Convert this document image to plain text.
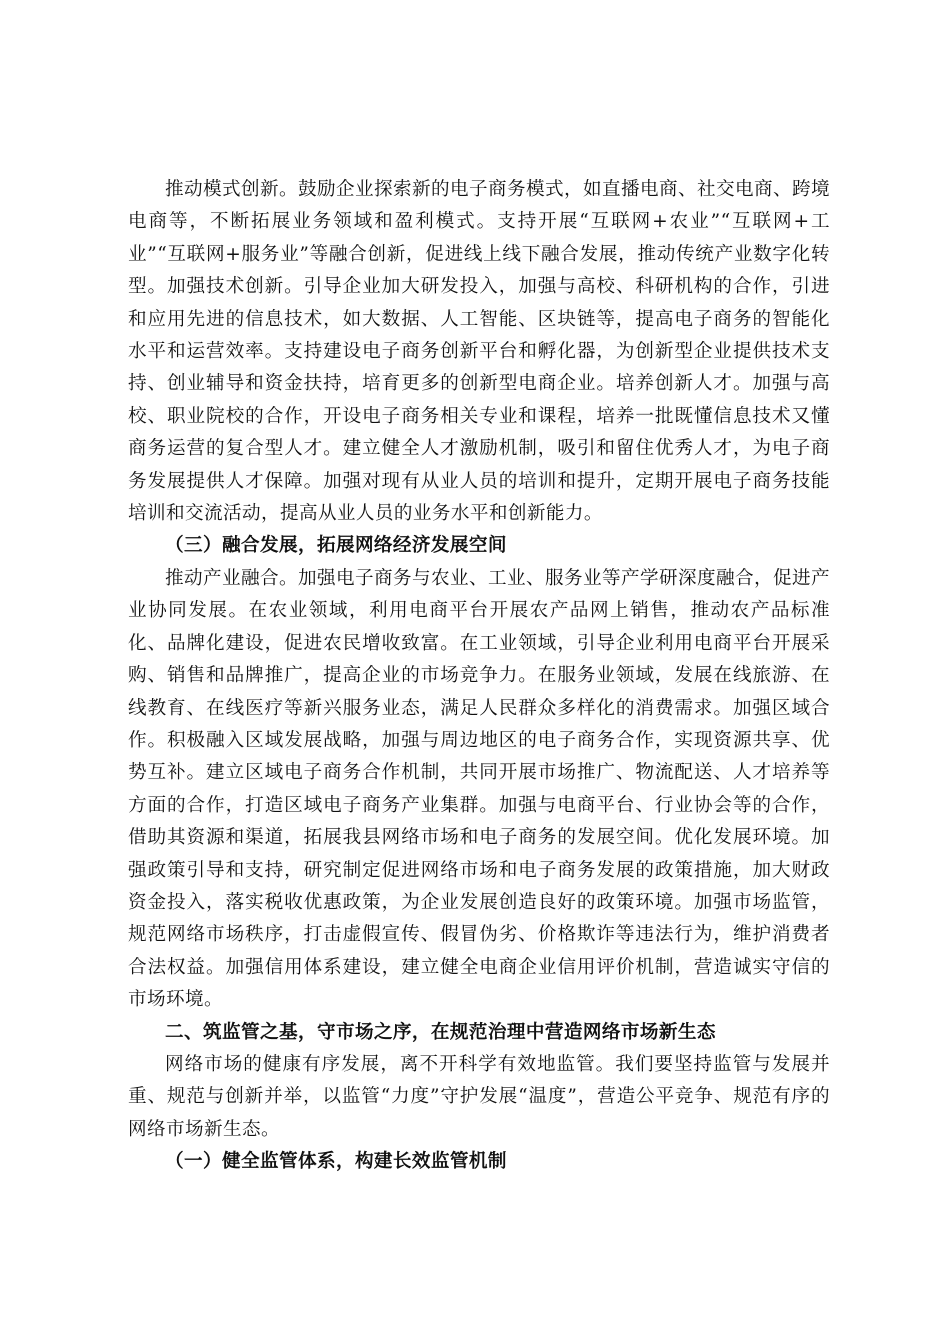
推动模式创新。鼓励企业探索新的电子商务模式，如直播电商、社交电商、跨境电商等，不断拓展业务领域和盈利模式。支持开展“互联网+农业”“互联网+工业”“互联网+服务业”等融合创新，促进线上线下融合发展，推动传统产业数字化转型。加强技术创新。引导企业加大研发投入，加强与高校、科研机构的合作，引进和应用先进的信息技术，如大数据、人工智能、区块链等，提高电子商务的智能化水平和运营效率。支持建设电子商务创新平台和孵化器，为创新型企业提供技术支持、创业辅导和资金扶持，培育更多的创新型电商企业。培养创新人才。加强与高校、职业院校的合作，开设电子商务相关专业和课程，培养一批既懂信息技术又懂商务运营的复合型人才。建立健全人才激励机制，吸引和留住优秀人才，为电子商务发展提供人才保障。加强对现有从业人员的培训和提升，定期开展电子商务技能培训和交流活动，提高从业人员的业务水平和创新能力。

（三）融合发展，拓展网络经济发展空间

推动产业融合。加强电子商务与农业、工业、服务业等产学研深度融合，促进产业协同发展。在农业领域，利用电商平台开展农产品网上销售，推动农产品标准化、品牌化建设，促进农民增收致富。在工业领域，引导企业利用电商平台开展采购、销售和品牌推广，提高企业的市场竞争力。在服务业领域，发展在线旅游、在线教育、在线医疗等新兴服务业态，满足人民群众多样化的消费需求。加强区域合作。积极融入区域发展战略，加强与周边地区的电子商务合作，实现资源共享、优势互补。建立区域电子商务合作机制，共同开展市场推广、物流配送、人才培养等方面的合作，打造区域电子商务产业集群。加强与电商平台、行业协会等的合作，借助其资源和渠道，拓展我县网络市场和电子商务的发展空间。优化发展环境。加强政策引导和支持，研究制定促进网络市场和电子商务发展的政策措施，加大财政资金投入，落实税收优惠政策，为企业发展创造良好的政策环境。加强市场监管，规范网络市场秩序，打击虚假宣传、假冒伪劣、价格欺诈等违法行为，维护消费者合法权益。加强信用体系建设，建立健全电商企业信用评价机制，营造诚实守信的市场环境。

二、筑监管之基，守市场之序，在规范治理中营造网络市场新生态

网络市场的健康有序发展，离不开科学有效地监管。我们要坚持监管与发展并重、规范与创新并举，以监管“力度”守护发展“温度”，营造公平竞争、规范有序的网络市场新生态。

（一）健全监管体系，构建长效监管机制
